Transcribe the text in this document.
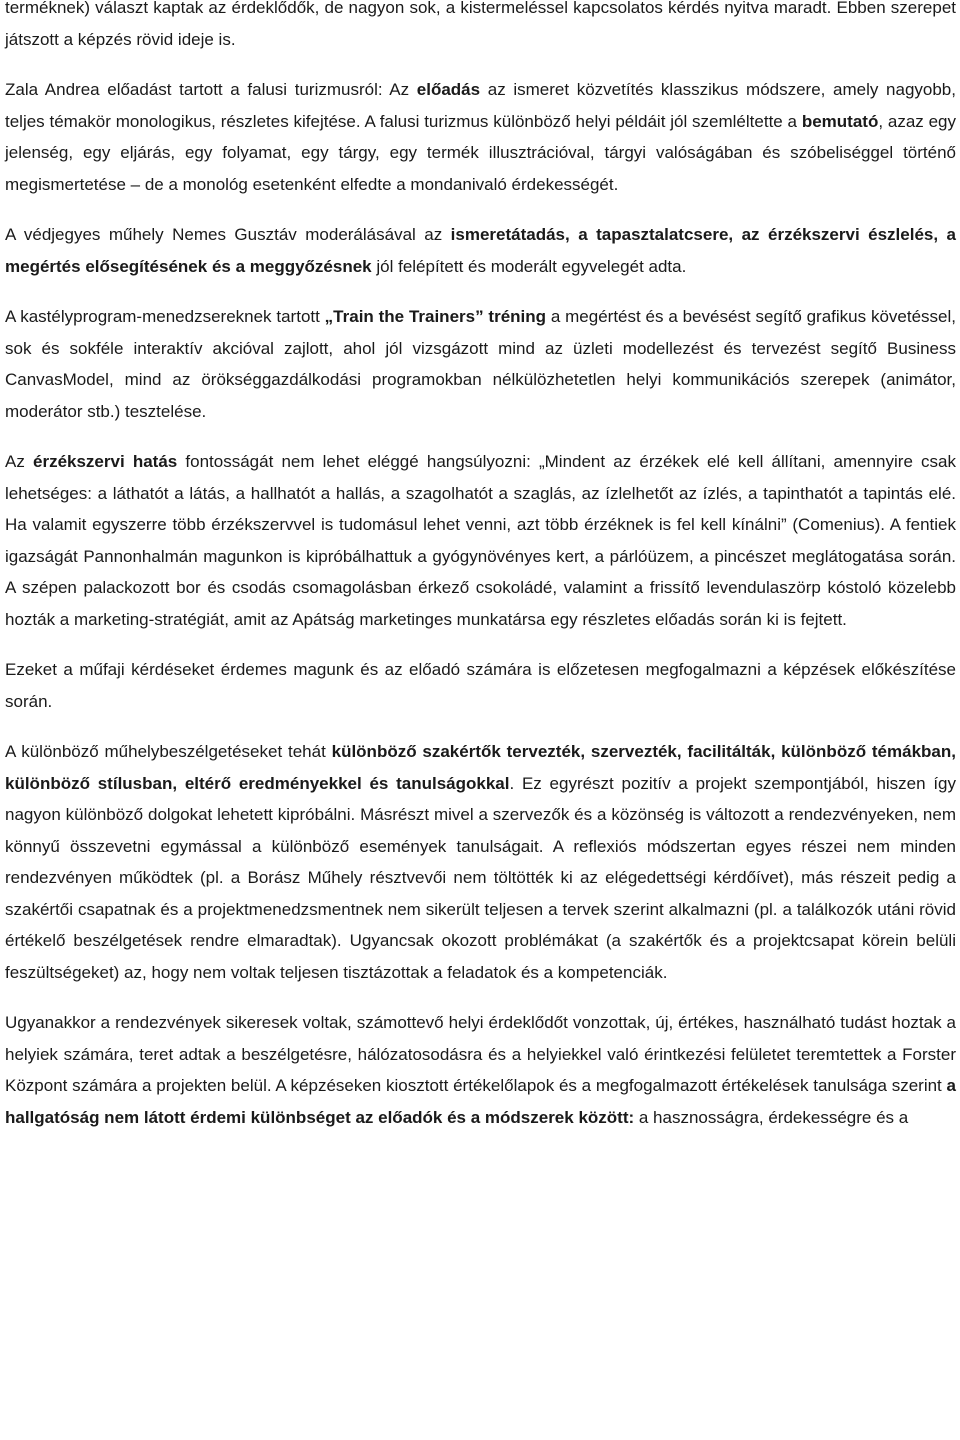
terméknek) választ kaptak az érdeklődők, de nagyon sok, a kistermeléssel kapcsolatos kérdés nyitva maradt. Ebben szerepet játszott a képzés rövid ideje is.

Zala Andrea előadást tartott a falusi turizmusról: Az előadás az ismeret közvetítés klasszikus módszere, amely nagyobb, teljes témakör monologikus, részletes kifejtése. A falusi turizmus különböző helyi példáit jól szemléltette a bemutató, azaz egy jelenség, egy eljárás, egy folyamat, egy tárgy, egy termék illusztrációval, tárgyi valóságában és szóbeliséggel történő megismertetése – de a monológ esetenként elfedte a mondanivaló érdekességét.

A védjegyes műhely Nemes Gusztáv moderálásával az ismeretátadás, a tapasztalatcsere, az érzékszervi észlelés, a megértés elősegítésének és a meggyőzésnek jól felépített és moderált egyvelegét adta.

A kastélyprogram-menedzsereknek tartott „Train the Trainers” tréning a megértést és a bevésést segítő grafikus követéssel, sok és sokféle interaktív akcióval zajlott, ahol jól vizsgázott mind az üzleti modellezést és tervezést segítő Business CanvasModel, mind az örökséggazdálkodási programokban nélkülözhetetlen helyi kommunikációs szerepek (animátor, moderátor stb.) tesztelése.

Az érzékszervi hatás fontosságát nem lehet eléggé hangsúlyozni: „Mindent az érzékek elé kell állítani, amennyire csak lehetséges: a láthatót a látás, a hallhatót a hallás, a szagolhatót a szaglás, az ízlelhetőt az ízlés, a tapinthatót a tapintás elé. Ha valamit egyszerre több érzékszervvel is tudomásul lehet venni, azt több érzéknek is fel kell kínálni” (Comenius). A fentiek igazságát Pannonhalmán magunkon is kipróbálhattuk a gyógynövényes kert, a párlóüzem, a pincészet meglátogatása során. A szépen palackozott bor és csodás csomagolásban érkező csokoládé, valamint a frissítő levendulaszörp kóstoló közelebb hozták a marketing-stratégiát, amit az Apátság marketinges munkatársa egy részletes előadás során ki is fejtett.

Ezeket a műfaji kérdéseket érdemes magunk és az előadó számára is előzetesen megfogalmazni a képzések előkészítése során.

A különböző műhelybeszélgetéseket tehát különböző szakértők tervezték, szervezték, facilitálták, különböző témákban, különböző stílusban, eltérő eredményekkel és tanulságokkal. Ez egyrészt pozitív a projekt szempontjából, hiszen így nagyon különböző dolgokat lehetett kipróbálni. Másrészt mivel a szervezők és a közönség is változott a rendezvényeken, nem könnyű összevetni egymással a különböző események tanulságait. A reflexiós módszertan egyes részei nem minden rendezvényen működtek (pl. a Borász Műhely résztvevői nem töltötték ki az elégedettségi kérdőívet), más részeit pedig a szakértői csapatnak és a projektmenedzsmentnek nem sikerült teljesen a tervek szerint alkalmazni (pl. a találkozók utáni rövid értékelő beszélgetések rendre elmaradtak). Ugyancsak okozott problémákat (a szakértők és a projektcsapat körein belüli feszültségeket) az, hogy nem voltak teljesen tisztázottak a feladatok és a kompetenciák.

Ugyanakkor a rendezvények sikeresek voltak, számottevő helyi érdeklődőt vonzottak, új, értékes, használható tudást hoztak a helyiek számára, teret adtak a beszélgetésre, hálózatosodásra és a helyiekkel való érintkezési felületet teremtettek a Forster Központ számára a projekten belül. A képzéseken kiosztott értékelőlapok és a megfogalmazott értékelések tanulsága szerint a hallgatóság nem látott érdemi különbséget az előadók és a módszerek között: a hasznosságra, érdekességre és a
